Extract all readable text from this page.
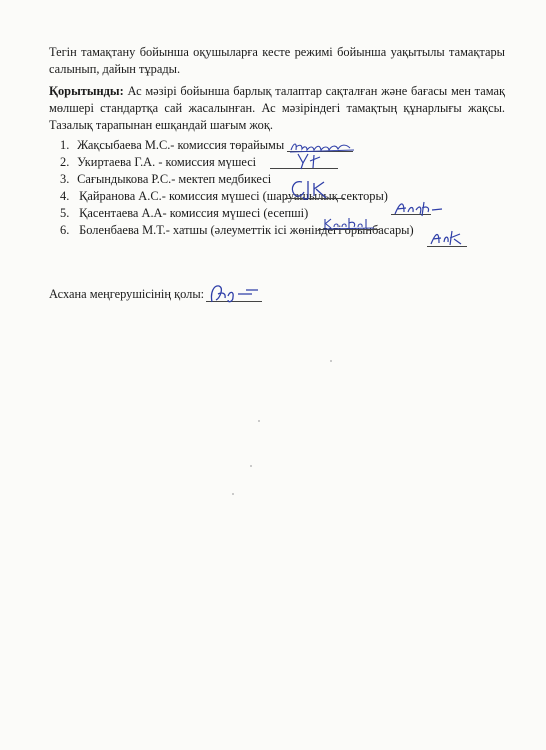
Тегін тамақтану бойынша оқушыларға кесте режимі бойынша уақытылы тамақтары салынып, дайын тұрады.
Қорытынды: Ас мәзірі бойынша барлық талаптар сақталған және бағасы мен тамақ мөлшері стандартқа сай жасалынған. Ас мәзіріндегі тамақтың құнарлығы жақсы. Тазалық тарапынан ешқандай шағым жоқ.
1. Жақсыбаева М.С.- комиссия төрайымы
2. Укиртаева Г.А. - комиссия мүшесі
3. Сағындыкова Р.С.- мектеп медбикесі
4. Қайранова А.С.- комиссия мүшесі (шаруашылық секторы)
5. Қасентаева А.А- комиссия мүшесі (есепші)
6. Боленбаева М.Т.- хатшы (әлеуметтік ісі жөніндегі орынбасары)
Асхана меңгерушісінің қолы:
